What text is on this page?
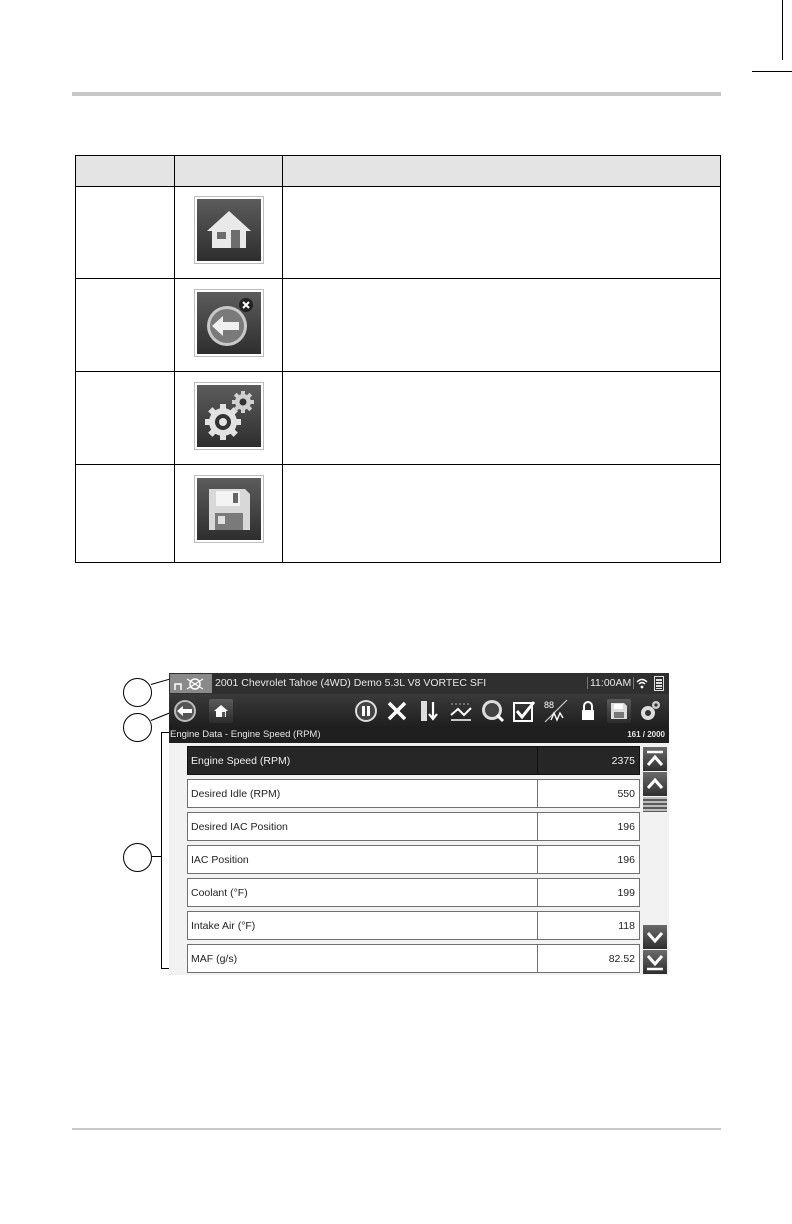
2001 Chevrolet Tahoe (4WD) Demo 5.3L V8 VORTEC SFI	11:00AM
88
Engine Data - Engine Speed (RPM)	161 / 2000
Engine Speed (RPM)	2375
Desired Idle (RPM)	550
Desired IAC Position	196
IAC Position	196
Coolant (°F)	199
Intake Air (°F)	118
MAF (g/s)	82.52
